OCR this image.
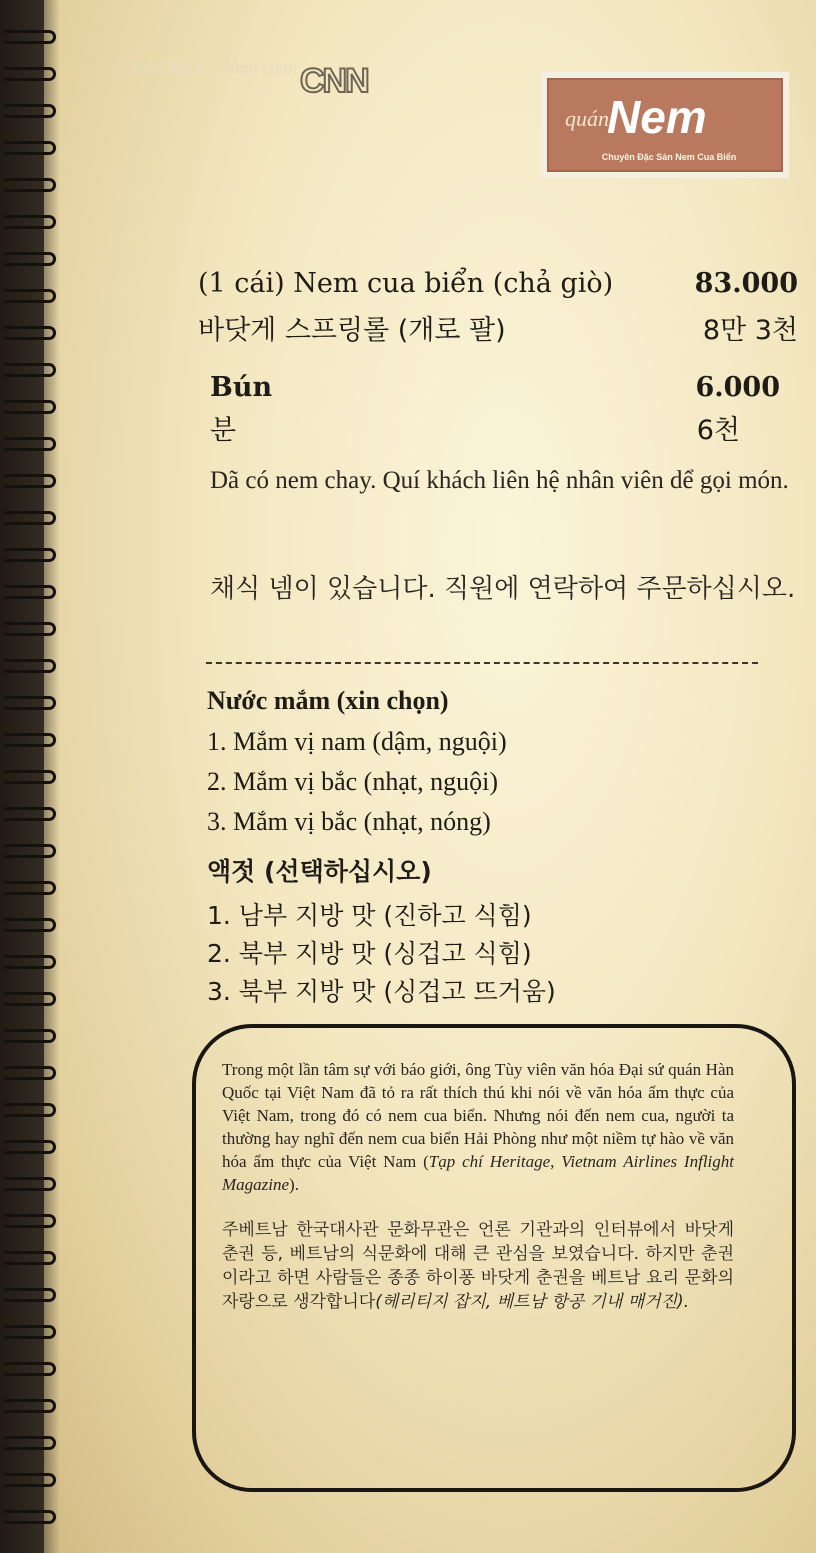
"Món Nem ... bình chọn CNN
quán
Nem
Chuyên Đặc Sản Nem Cua Biển
(1 cái) Nem cua biển (chả giò)	83.000
바닷게 스프링롤 (개로 팔)	8만 3천
Bún	6.000
분	6천
Dã có nem chay. Quí khách liên hệ nhân viên dể gọi món.
채식 넴이 있습니다. 직원에 연락하여 주문하십시오.
Nước mắm (xin chọn)
1. Mắm vị nam (dậm, nguội)
2. Mắm vị bắc (nhạt, nguội)
3. Mắm vị bắc (nhạt, nóng)
액젓 (선택하십시오)
1. 남부 지방 맛 (진하고 식힘)
2. 북부 지방 맛 (싱겁고 식힘)
3. 북부 지방 맛 (싱겁고 뜨거움)

Trong một lần tâm sự với báo giới, ông Tùy viên văn hóa Đại sứ quán Hàn Quốc tại Việt Nam đã tỏ ra rất thích thú khi nói về văn hóa ẩm thực của Việt Nam, trong đó có nem cua biển. Nhưng nói đến nem cua, người ta thường hay nghĩ đến nem cua biển Hải Phòng như một niềm tự hào về văn hóa ẩm thực của Việt Nam (Tạp chí Heritage, Vietnam Airlines Inflight Magazine).

주베트남 한국대사관 문화무관은 언론 기관과의 인터뷰에서 바닷게 춘권 등, 베트남의 식문화에 대해 큰 관심을 보였습니다. 하지만 춘권이라고 하면 사람들은 종종 하이퐁 바닷게 춘권을 베트남 요리 문화의 자랑으로 생각합니다(헤리티지 잡지, 베트남 항공 기내 매거진).
